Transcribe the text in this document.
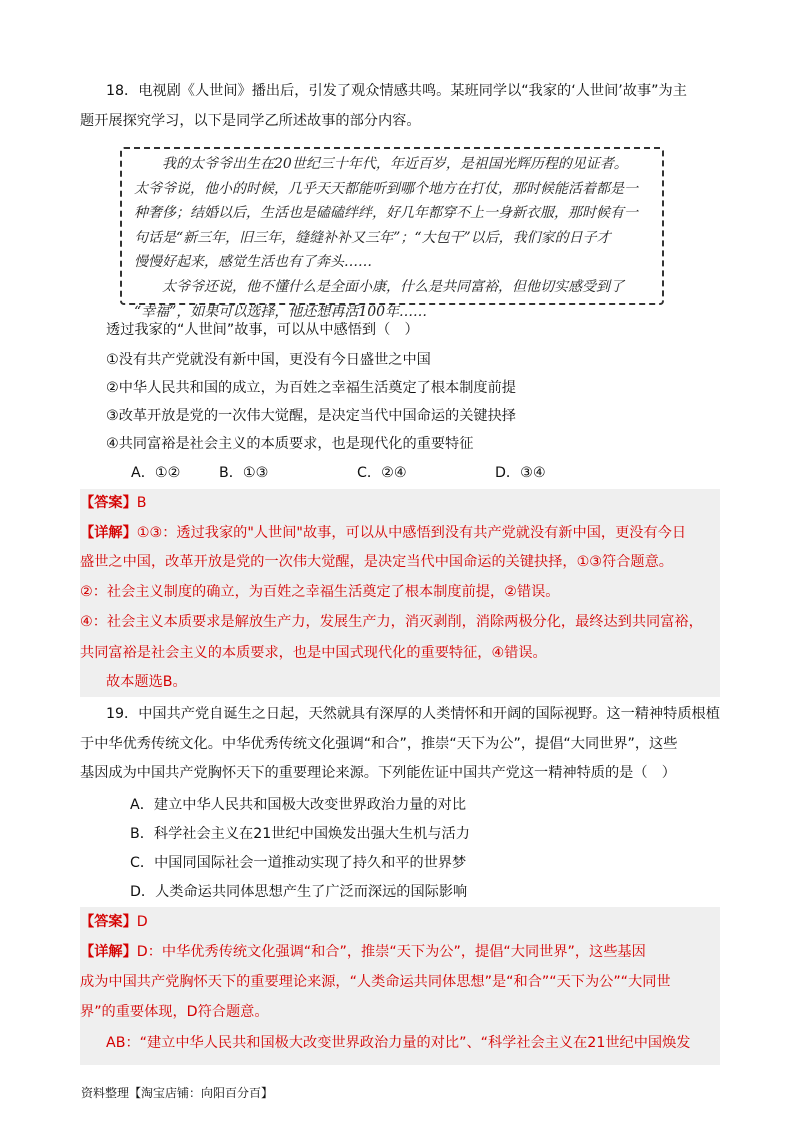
18．电视剧《人世间》播出后，引发了观众情感共鸣。某班同学以“我家的‘人世间’故事”为主
题开展探究学习，以下是同学乙所述故事的部分内容。

　　我的太爷爷出生在20世纪三十年代，年近百岁，是祖国光辉历程的见证者。

太爷爷说，他小的时候，几乎天天都能听到哪个地方在打仗，那时候能活着都是一

种奢侈；结婚以后，生活也是磕磕绊绊，好几年都穿不上一身新衣服，那时候有一

句话是“新三年，旧三年，缝缝补补又三年”；“大包干”以后，我们家的日子才

慢慢好起来，感觉生活也有了奔头……

　　太爷爷还说，他不懂什么是全面小康，什么是共同富裕，但他切实感受到了

“幸福”，如果可以选择，他还想再活100年……

透过我家的“人世间”故事，可以从中感悟到（　）
①没有共产党就没有新中国，更没有今日盛世之中国
②中华人民共和国的成立，为百姓之幸福生活奠定了根本制度前提
③改革开放是党的一次伟大觉醒，是决定当代中国命运的关键抉择
④共同富裕是社会主义的本质要求，也是现代化的重要特征
A．①②	B．①③	C．②④	D．③④
【答案】B
【详解】①③：透过我家的"人世间"故事，可以从中感悟到没有共产党就没有新中国，更没有今日
盛世之中国，改革开放是党的一次伟大觉醒，是决定当代中国命运的关键抉择，①③符合题意。
②：社会主义制度的确立，为百姓之幸福生活奠定了根本制度前提，②错误。
④：社会主义本质要求是解放生产力，发展生产力，消灭剥削，消除两极分化，最终达到共同富裕，
共同富裕是社会主义的本质要求，也是中国式现代化的重要特征，④错误。
故本题选B。
19．中国共产党自诞生之日起，天然就具有深厚的人类情怀和开阔的国际视野。这一精神特质根植
于中华优秀传统文化。中华优秀传统文化强调“和合”，推崇“天下为公”，提倡“大同世界”，这些
基因成为中国共产党胸怀天下的重要理论来源。下列能佐证中国共产党这一精神特质的是（　）
A．建立中华人民共和国极大改变世界政治力量的对比
B．科学社会主义在21世纪中国焕发出强大生机与活力
C．中国同国际社会一道推动实现了持久和平的世界梦
D．人类命运共同体思想产生了广泛而深远的国际影响
【答案】D
【详解】D：中华优秀传统文化强调“和合”，推崇“天下为公”，提倡“大同世界”，这些基因
成为中国共产党胸怀天下的重要理论来源，“人类命运共同体思想”是“和合”“天下为公”“大同世
界”的重要体现，D符合题意。
AB：“建立中华人民共和国极大改变世界政治力量的对比”、“科学社会主义在21世纪中国焕发
资料整理【淘宝店铺：向阳百分百】
